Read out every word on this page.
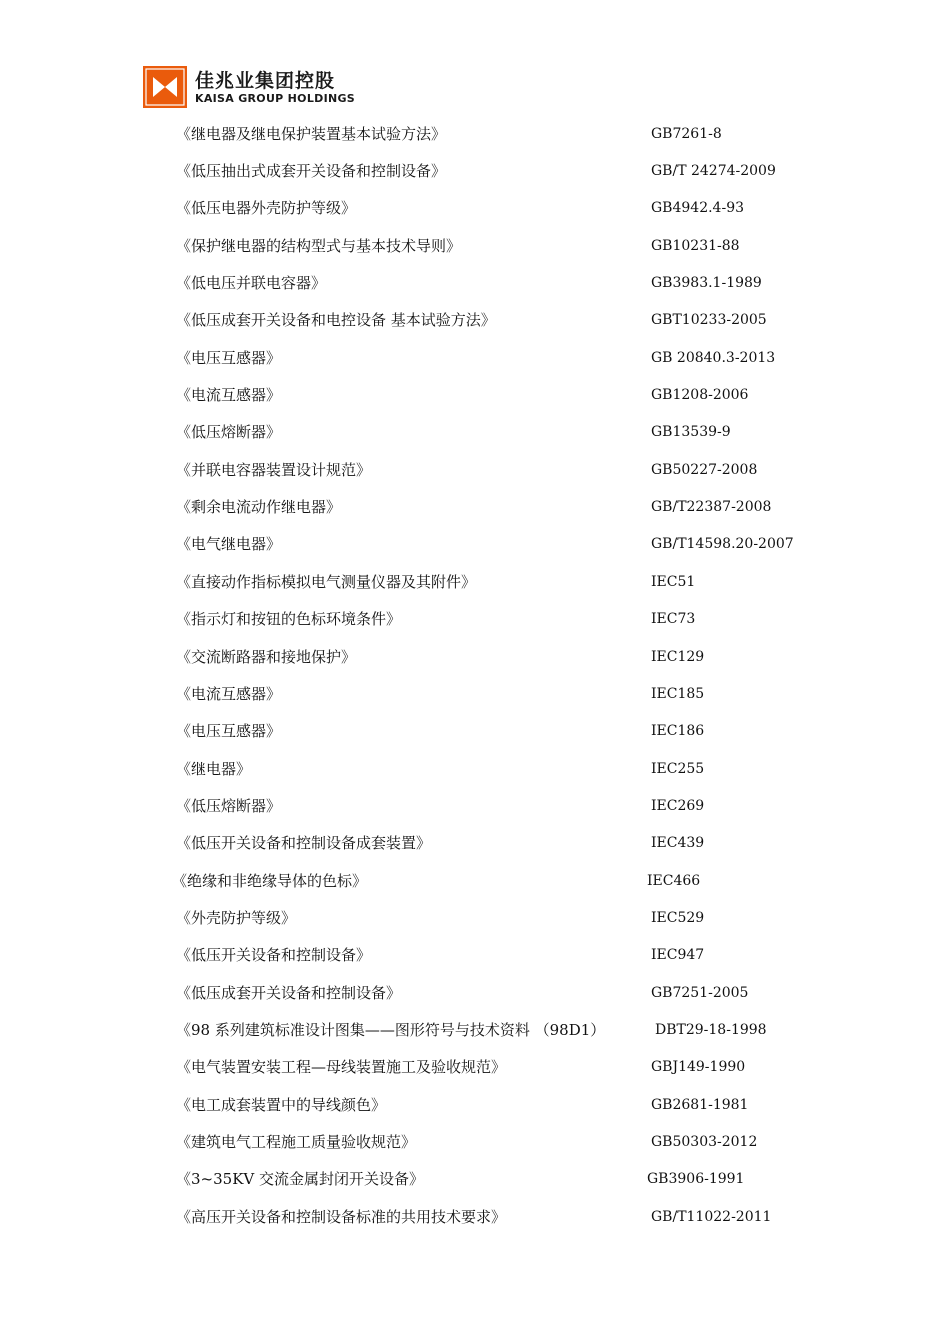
佳兆业集团控股
KAISA GROUP HOLDINGS
《继电器及继电保护装置基本试验方法》	GB7261-8
《低压抽出式成套开关设备和控制设备》	GB/T 24274-2009
《低压电器外壳防护等级》	GB4942.4-93
《保护继电器的结构型式与基本技术导则》	GB10231-88
《低电压并联电容器》	GB3983.1-1989
《低压成套开关设备和电控设备 基本试验方法》	GBT10233-2005
《电压互感器》	GB 20840.3-2013
《电流互感器》	GB1208-2006
《低压熔断器》	GB13539-9
《并联电容器装置设计规范》	GB50227-2008
《剩余电流动作继电器》	GB/T22387-2008
《电气继电器》	GB/T14598.20-2007
《直接动作指标模拟电气测量仪器及其附件》	IEC51
《指示灯和按钮的色标环境条件》	IEC73
《交流断路器和接地保护》	IEC129
《电流互感器》	IEC185
《电压互感器》	IEC186
《继电器》	IEC255
《低压熔断器》	IEC269
《低压开关设备和控制设备成套装置》	IEC439
《绝缘和非绝缘导体的色标》	IEC466
《外壳防护等级》	IEC529
《低压开关设备和控制设备》	IEC947
《低压成套开关设备和控制设备》	GB7251-2005
《98 系列建筑标准设计图集——图形符号与技术资料 （98D1）	DBT29-18-1998
《电气装置安装工程—母线装置施工及验收规范》	GBJ149-1990
《电工成套装置中的导线颜色》	GB2681-1981
《建筑电气工程施工质量验收规范》	GB50303-2012
《3~35KV 交流金属封闭开关设备》	GB3906-1991
《高压开关设备和控制设备标准的共用技术要求》	GB/T11022-2011
